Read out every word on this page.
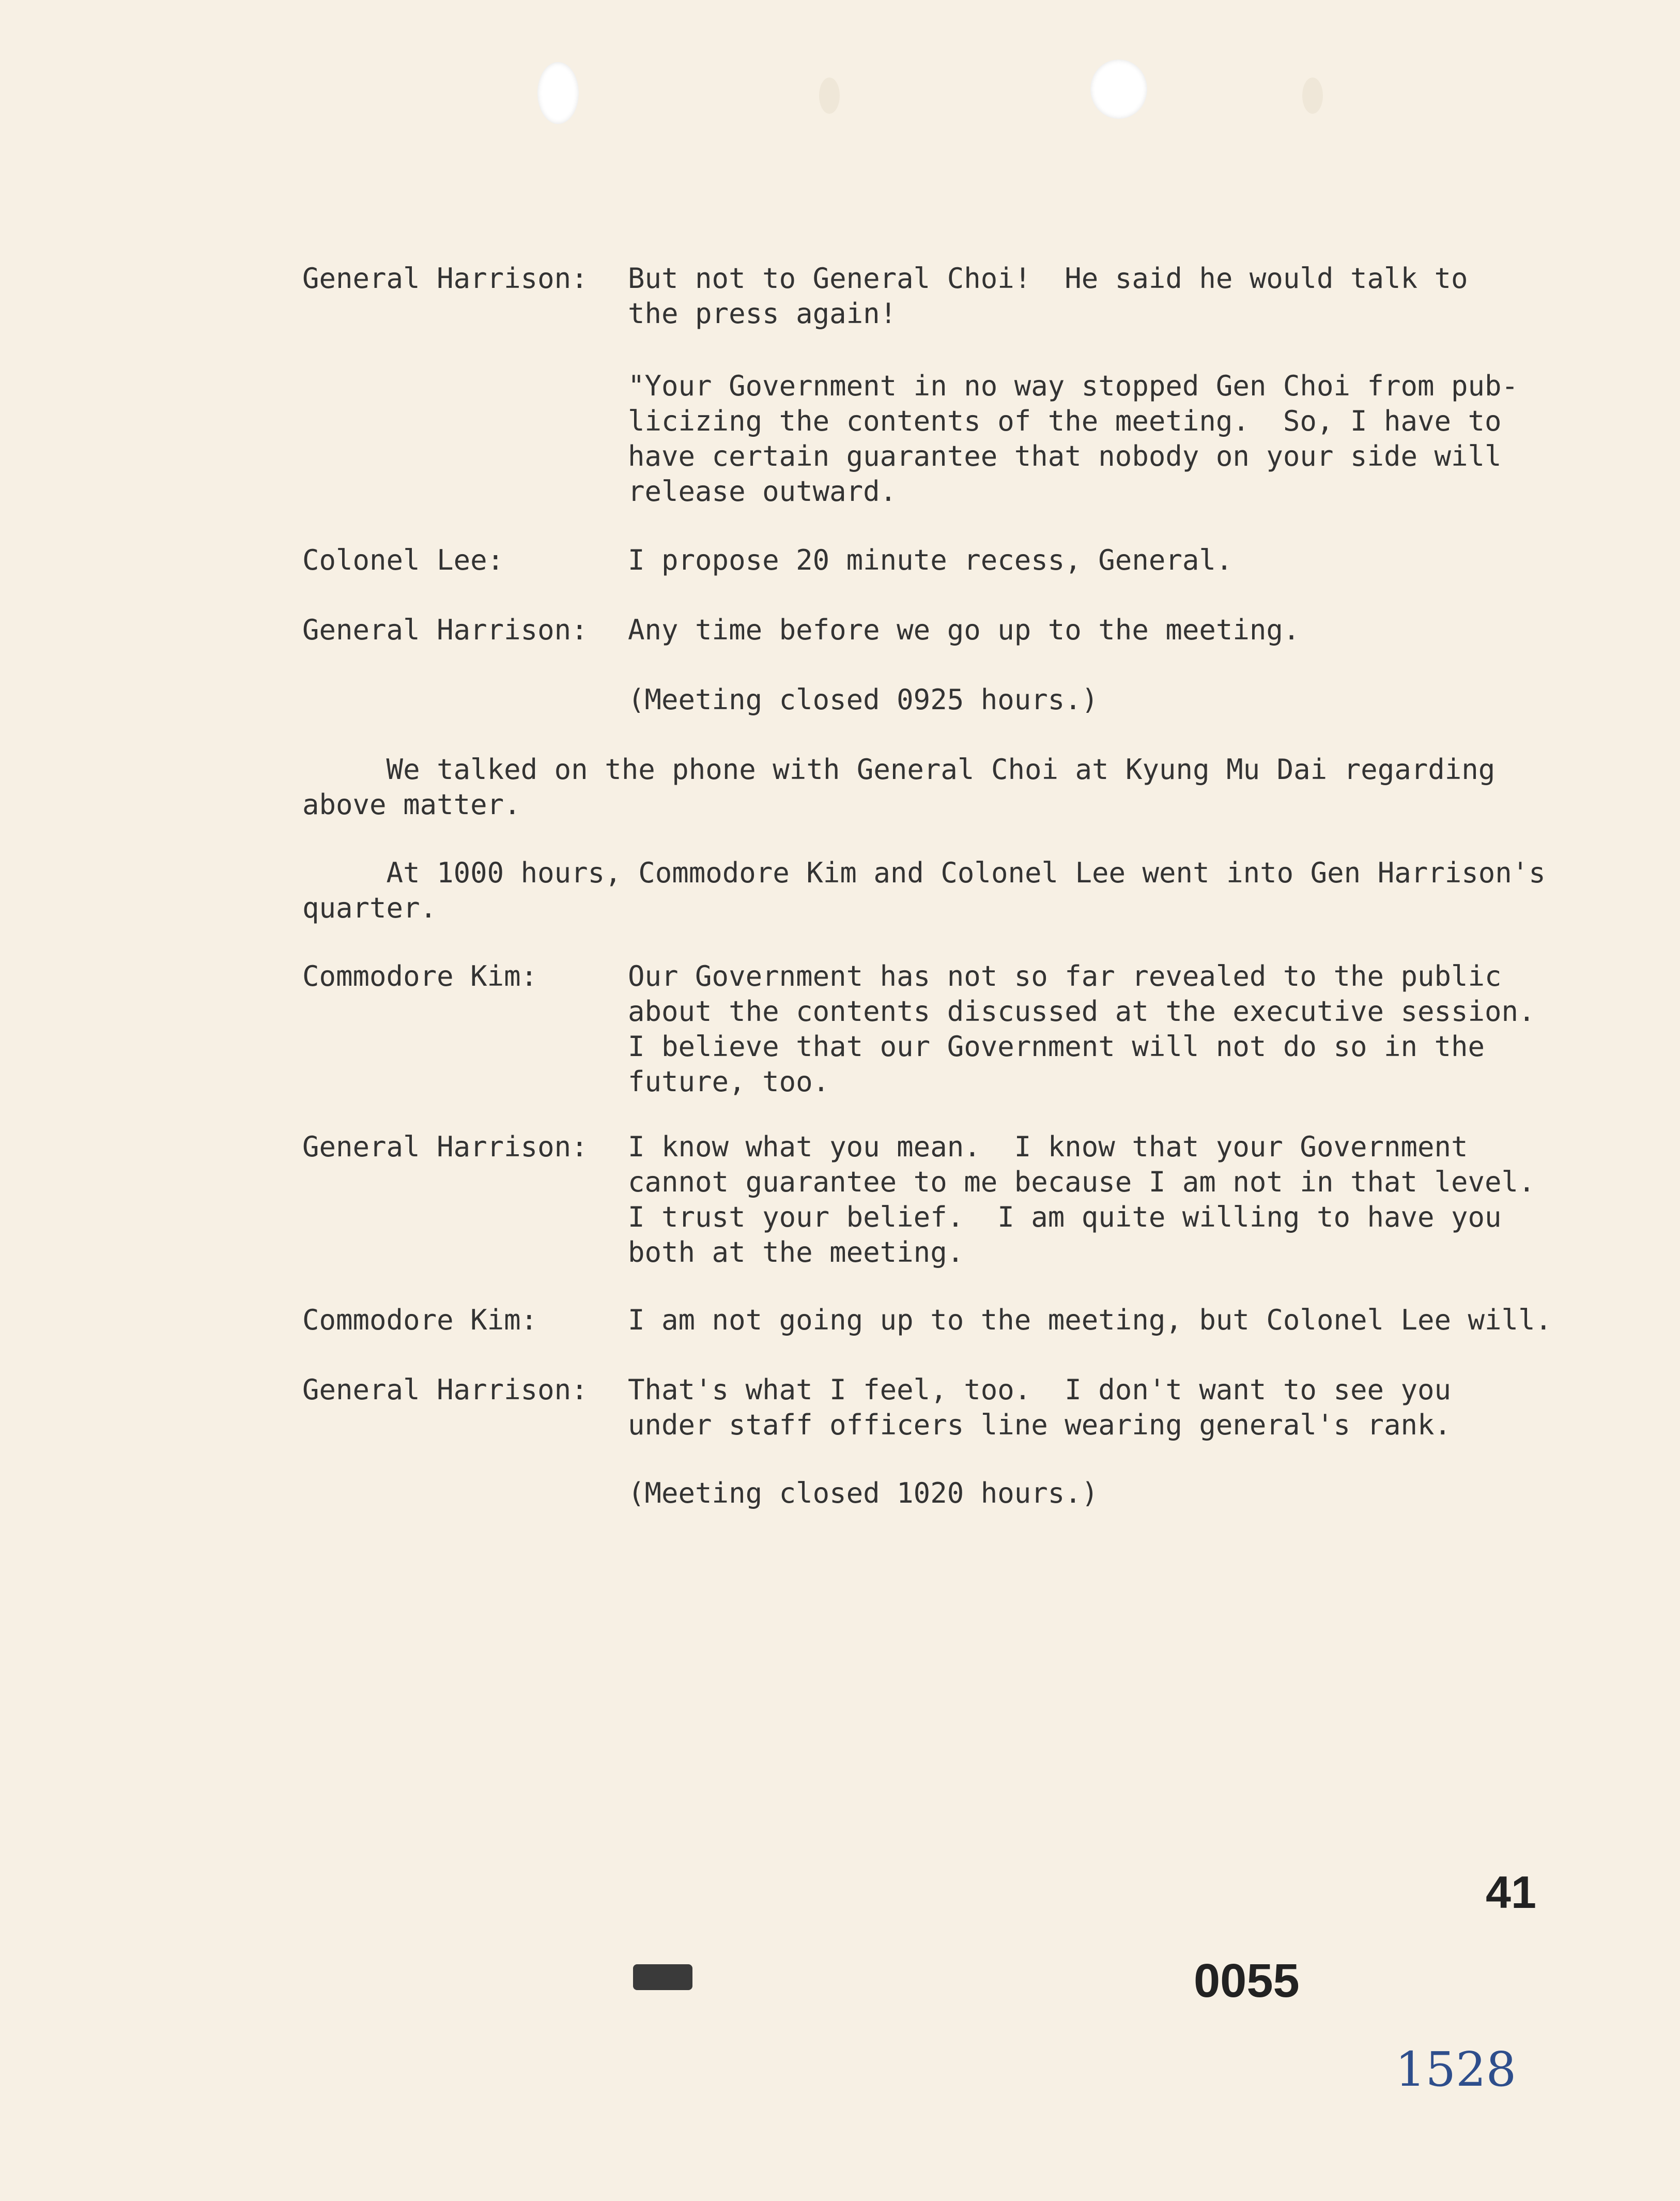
General Harrison: But not to General Choi!  He said he would talk to
the press again!
"Your Government in no way stopped Gen Choi from pub-
licizing the contents of the meeting.  So, I have to
have certain guarantee that nobody on your side will
release outward.
Colonel Lee:	I propose 20 minute recess, General.
General Harrison: Any time before we go up to the meeting.
(Meeting closed 0925 hours.)
We talked on the phone with General Choi at Kyung Mu Dai regarding
above matter.
At 1000 hours, Commodore Kim and Colonel Lee went into Gen Harrison's
quarter.
Commodore Kim:	Our Government has not so far revealed to the public
about the contents discussed at the executive session.
I believe that our Government will not do so in the
future, too.
General Harrison: I know what you mean.  I know that your Government
cannot guarantee to me because I am not in that level.
I trust your belief.  I am quite willing to have you
both at the meeting.
Commodore Kim:	I am not going up to the meeting, but Colonel Lee will.
General Harrison: That's what I feel, too.  I don't want to see you
under staff officers line wearing general's rank.
(Meeting closed 1020 hours.)
41
0055
1528
